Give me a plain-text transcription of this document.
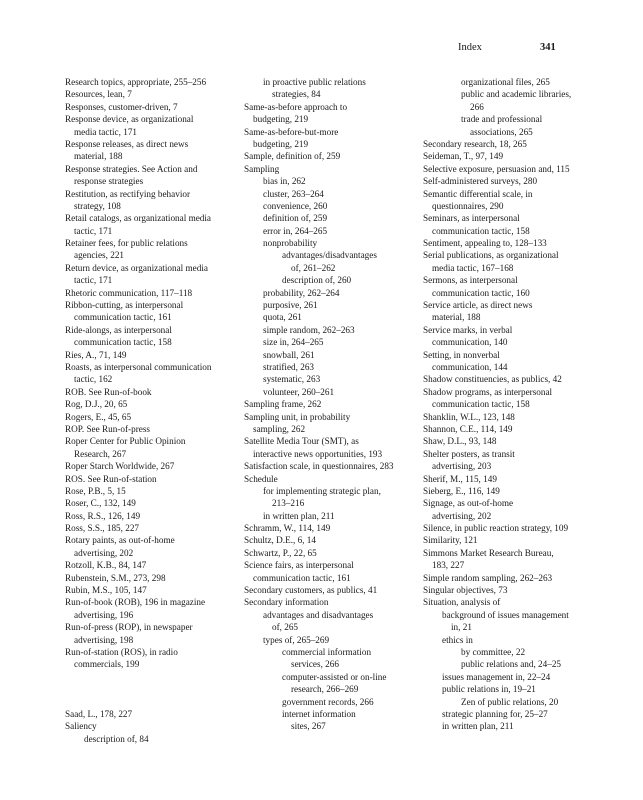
Index	341
Research topics, appropriate, 255–256
Resources, lean, 7
Responses, customer-driven, 7
Response device, as organizational
media tactic, 171
Response releases, as direct news
material, 188
Response strategies. See Action and
response strategies
Restitution, as rectifying behavior
strategy, 108
Retail catalogs, as organizational media
tactic, 171
Retainer fees, for public relations
agencies, 221
Return device, as organizational media
tactic, 171
Rhetoric communication, 117–118
Ribbon-cutting, as interpersonal
communication tactic, 161
Ride-alongs, as interpersonal
communication tactic, 158
Ries, A., 71, 149
Roasts, as interpersonal communication
tactic, 162
ROB. See Run-of-book
Rog, D.J., 20, 65
Rogers, E., 45, 65
ROP. See Run-of-press
Roper Center for Public Opinion
Research, 267
Roper Starch Worldwide, 267
ROS. See Run-of-station
Rose, P.B., 5, 15
Roser, C., 132, 149
Ross, R.S., 126, 149
Ross, S.S., 185, 227
Rotary paints, as out-of-home
advertising, 202
Rotzoll, K.B., 84, 147
Rubenstein, S.M., 273, 298
Rubin, M.S., 105, 147
Run-of-book (ROB), 196 in magazine
advertising, 196
Run-of-press (ROP), in newspaper
advertising, 198
Run-of-station (ROS), in radio
commercials, 199
Saad, L., 178, 227
Saliency
description of, 84
in proactive public relations
strategies, 84
Same-as-before approach to
budgeting, 219
Same-as-before-but-more
budgeting, 219
Sample, definition of, 259
Sampling
bias in, 262
cluster, 263–264
convenience, 260
definition of, 259
error in, 264–265
nonprobability
advantages/disadvantages
of, 261–262
description of, 260
probability, 262–264
purposive, 261
quota, 261
simple random, 262–263
size in, 264–265
snowball, 261
stratified, 263
systematic, 263
volunteer, 260–261
Sampling frame, 262
Sampling unit, in probability
sampling, 262
Satellite Media Tour (SMT), as
interactive news opportunities, 193
Satisfaction scale, in questionnaires, 283
Schedule
for implementing strategic plan,
213–216
in written plan, 211
Schramm, W., 114, 149
Schultz, D.E., 6, 14
Schwartz, P., 22, 65
Science fairs, as interpersonal
communication tactic, 161
Secondary customers, as publics, 41
Secondary information
advantages and disadvantages
of, 265
types of, 265–269
commercial information
services, 266
computer-assisted or on-line
research, 266–269
government records, 266
internet information
sites, 267
organizational files, 265
public and academic libraries,
266
trade and professional
associations, 265
Secondary research, 18, 265
Seideman, T., 97, 149
Selective exposure, persuasion and, 115
Self-administered surveys, 280
Semantic differential scale, in
questionnaires, 290
Seminars, as interpersonal
communication tactic, 158
Sentiment, appealing to, 128–133
Serial publications, as organizational
media tactic, 167–168
Sermons, as interpersonal
communication tactic, 160
Service article, as direct news
material, 188
Service marks, in verbal
communication, 140
Setting, in nonverbal
communication, 144
Shadow constituencies, as publics, 42
Shadow programs, as interpersonal
communication tactic, 158
Shanklin, W.L., 123, 148
Shannon, C.E., 114, 149
Shaw, D.L., 93, 148
Shelter posters, as transit
advertising, 203
Sherif, M., 115, 149
Sieberg, E., 116, 149
Signage, as out-of-home
advertising, 202
Silence, in public reaction strategy, 109
Similarity, 121
Simmons Market Research Bureau,
183, 227
Simple random sampling, 262–263
Singular objectives, 73
Situation, analysis of
background of issues management
in, 21
ethics in
by committee, 22
public relations and, 24–25
issues management in, 22–24
public relations in, 19–21
Zen of public relations, 20
strategic planning for, 25–27
in written plan, 211
